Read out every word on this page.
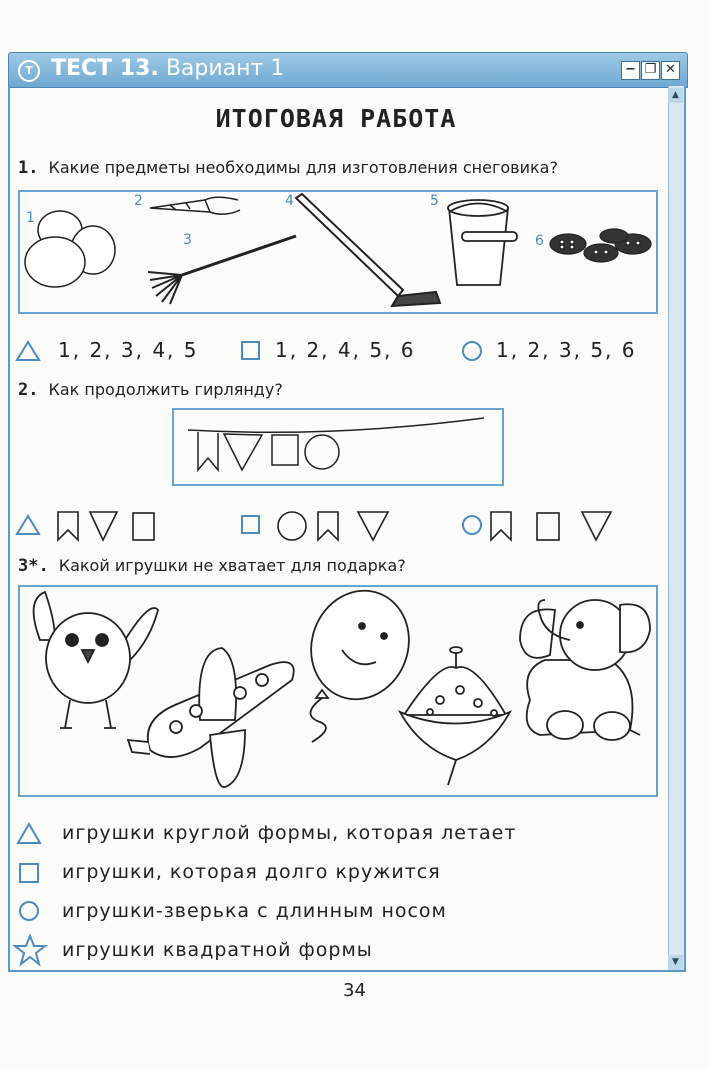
Т ТЕСТ 13. Вариант 1	− ❐ ✕
▲
▼
ИТОГОВАЯ РАБОТА
1. Какие предметы необходимы для изготовления снеговика?
1
2
3
4	5
6
1, 2, 3, 4, 5	1, 2, 4, 5, 6	1, 2, 3, 5, 6
2. Как продолжить гирлянду?
3*. Какой игрушки не хватает для подарка?
игрушки круглой формы, которая летает
игрушки, которая долго кружится
игрушки-зверька с длинным носом
игрушки квадратной формы
34
